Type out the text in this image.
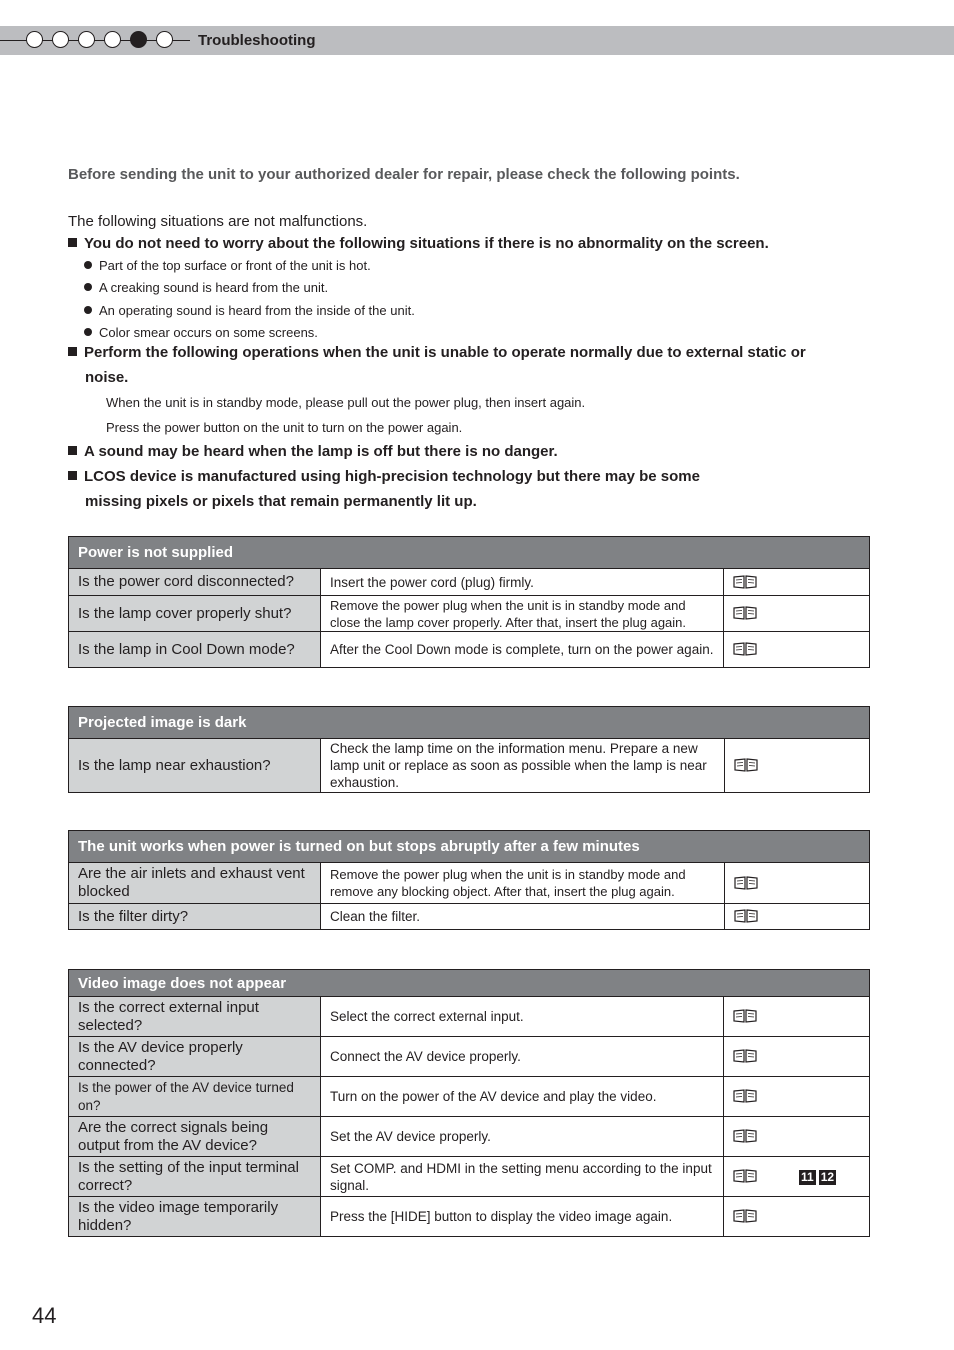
Troubleshooting
Before sending the unit to your authorized dealer for repair, please check the following points.
The following situations are not malfunctions.
You do not need to worry about the following situations if there is no abnormality on the screen.
Part of the top surface or front of the unit is hot.
A creaking sound is heard from the unit.
An operating sound is heard from the inside of the unit.
Color smear occurs on some screens.
Perform the following operations when the unit is unable to operate normally due to external static or
noise.
When the unit is in standby mode, please pull out the power plug, then insert again.
Press the power button on the unit to turn on the power again.
A sound may be heard when the lamp is off but there is no danger.
LCOS device is manufactured using high-precision technology but there may be some
missing pixels or pixels that remain permanently lit up.
Power is not supplied		
Is the power cord disconnected?	Insert the power cord (plug) firmly.	
Is the lamp cover properly shut?	Remove the power plug when the unit is in standby mode and close the lamp cover properly. After that, insert the plug again.	
Is the lamp in Cool Down mode?	After the Cool Down mode is complete, turn on the power again.	
Projected image is dark
Is the lamp near exhaustion?	Check the lamp time on the information menu. Prepare a new lamp unit or replace as soon as possible when the lamp is near exhaustion.	
The unit works when power is turned on but stops abruptly after a few minutes		
Are the air inlets and exhaust vent blocked	Remove the power plug when the unit is in standby mode and remove any blocking object. After that, insert the plug again.	
Is the filter dirty?	Clean the filter.	
Video image does not appear		
Is the correct external input selected?	Select the correct external input.	
Is the AV device properly connected?	Connect the AV device properly.	
Is the power of the AV device turned on?	Turn on the power of the AV device and play the video.	
Are the correct signals being output from the AV device?	Set the AV device properly.	
Is the setting of the input terminal correct?	Set COMP. and HDMI in the setting menu according to the input signal.	11 12

Is the video image temporarily hidden?	Press the [HIDE] button to display the video image again.	
44
